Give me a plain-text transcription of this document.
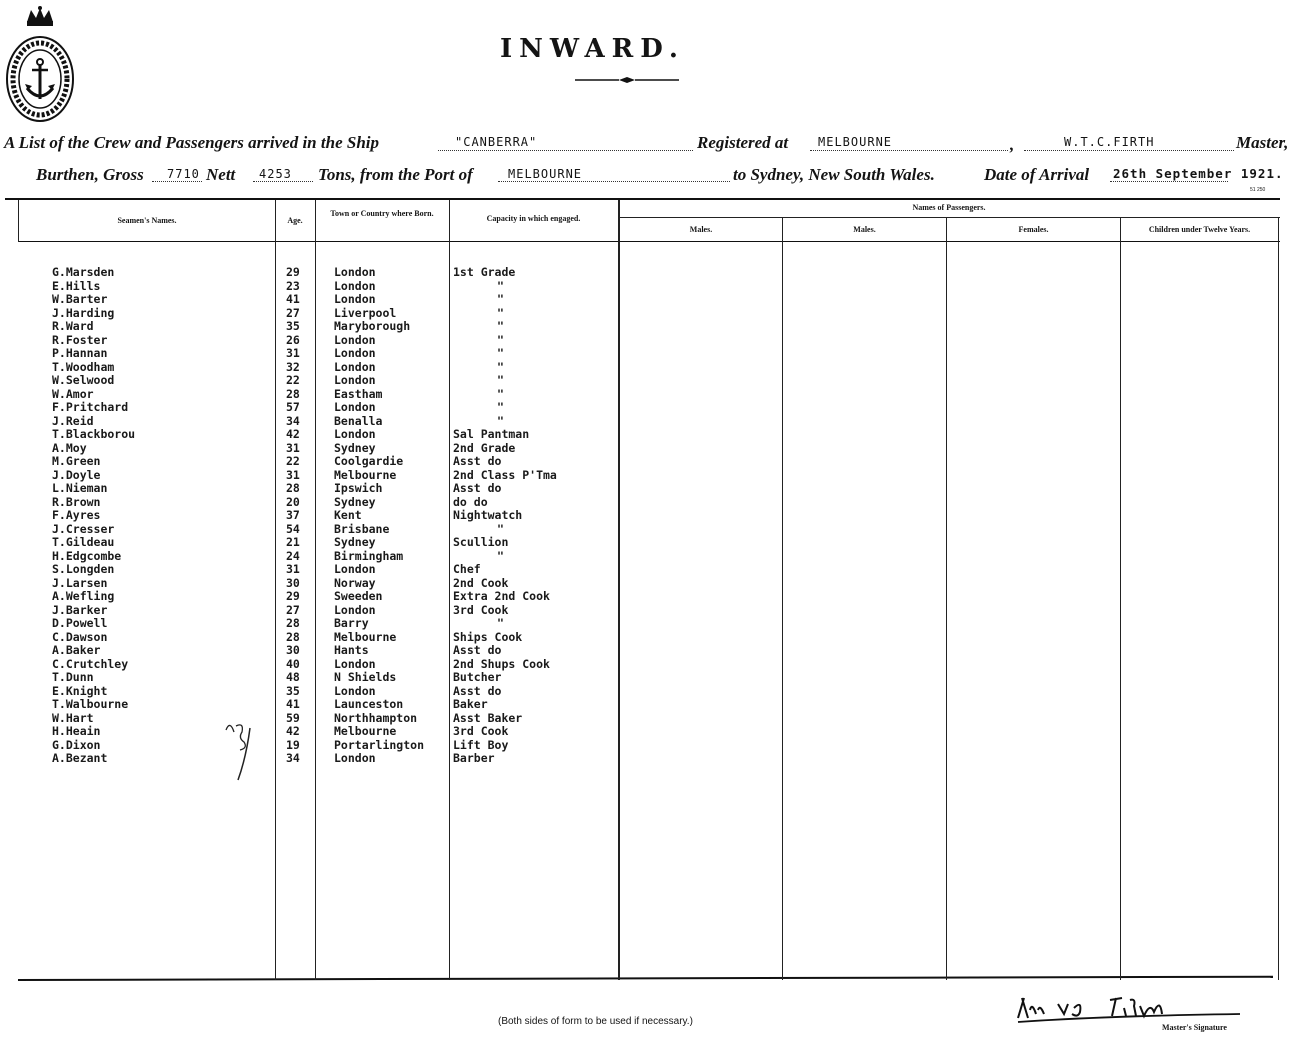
INWARD.
A List of the Crew and Passengers arrived in the Ship	"CANBERRA"	Registered at MELBOURNE	,	W.T.C.FIRTH	Master,
Burthen, Gross 7710 Nett 4253 Tons, from the Port of	MELBOURNE	to Sydney, New South Wales.	Date of Arrival 26th September 1921.
51 250
Seamen's Names.	Age.
Town or Country where Born.
Capacity in which engaged.
Names of Passengers.
Males.	Males.	Females.	Children under Twelve Years.
G.Marsden	29	London	1st Grade
E.Hills	23	London	"
W.Barter	41	London	"
J.Harding	27	Liverpool	"
R.Ward	35	Maryborough	"
R.Foster	26	London	"
P.Hannan	31	London	"
T.Woodham	32	London	"
W.Selwood	22	London	"
W.Amor	28	Eastham	"
F.Pritchard	57	London	"
J.Reid	34	Benalla	"
T.Blackborou	42	London	Sal Pantman
A.Moy	31	Sydney	2nd Grade
M.Green	22	Coolgardie	Asst do
J.Doyle	31	Melbourne	2nd Class P'Tma
L.Nieman	28	Ipswich	Asst do
R.Brown	20	Sydney	do do
F.Ayres	37	Kent	Nightwatch
J.Cresser	54	Brisbane	"
T.Gildeau	21	Sydney	Scullion
H.Edgcombe	24	Birmingham	"
S.Longden	31	London	Chef
J.Larsen	30	Norway	2nd Cook
A.Wefling	29	Sweeden	Extra 2nd Cook
J.Barker	27	London	3rd Cook
D.Powell	28	Barry	"
C.Dawson	28	Melbourne	Ships Cook
A.Baker	30	Hants	Asst do
C.Crutchley	40	London	2nd Shups Cook
T.Dunn	48	N Shields	Butcher
E.Knight	35	London	Asst do
T.Walbourne	41	Launceston	Baker
W.Hart	59	Northhampton	Asst Baker
H.Heain	42	Melbourne	3rd Cook
G.Dixon	19	Portarlington	Lift Boy
A.Bezant	34	London	Barber
(Both sides of form to be used if necessary.)
Master's Signature
